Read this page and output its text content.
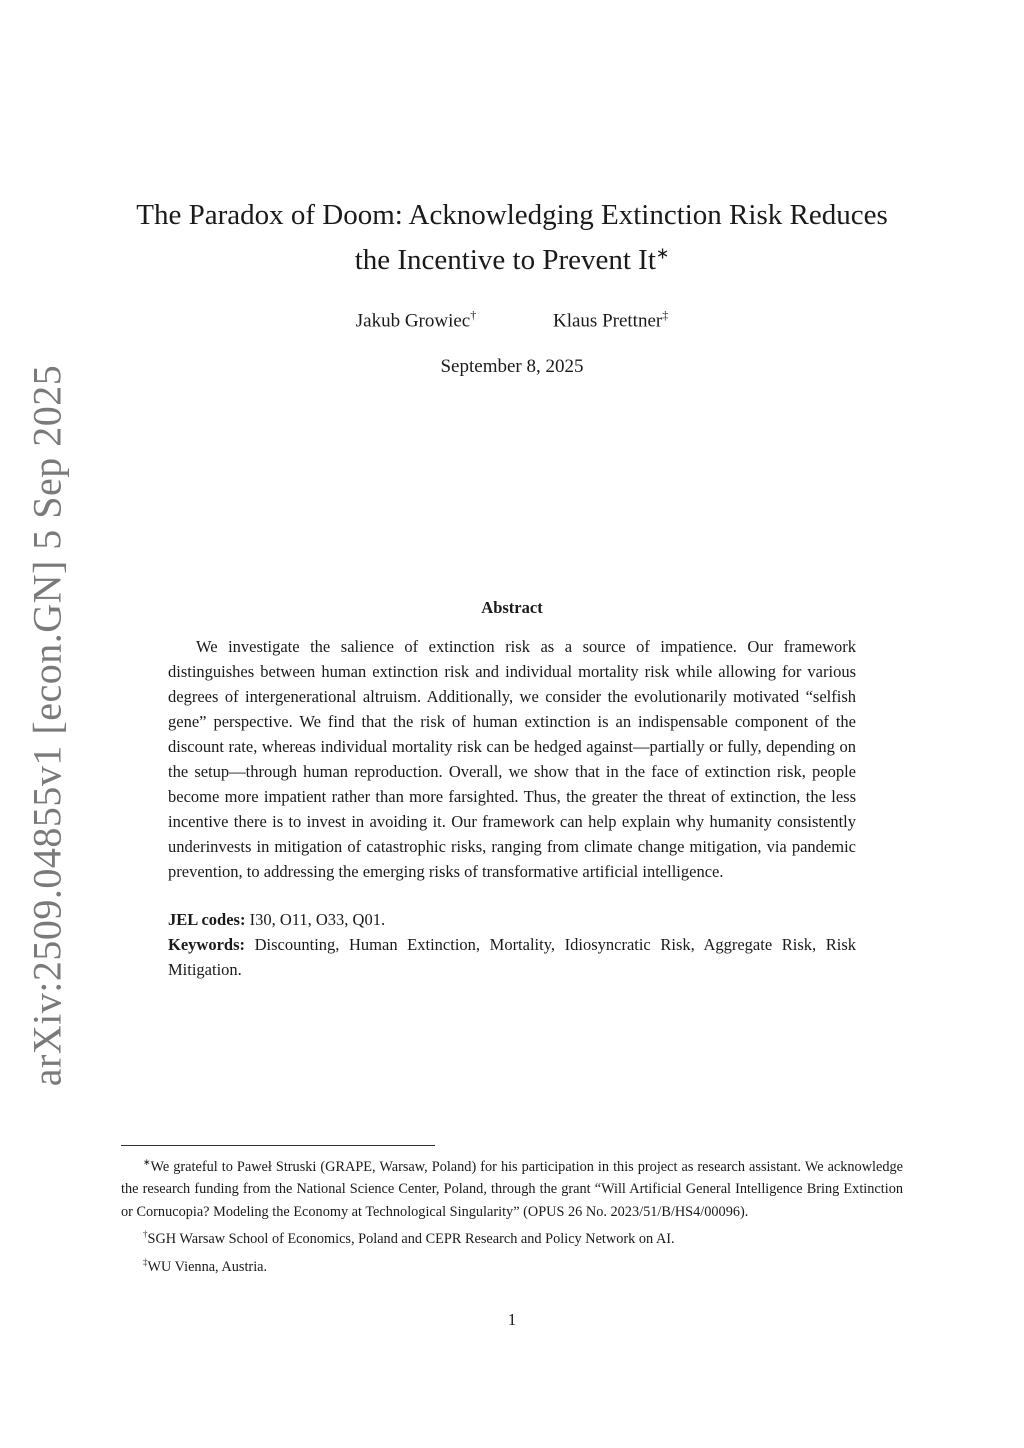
arXiv:2509.04855v1 [econ.GN] 5 Sep 2025
The Paradox of Doom: Acknowledging Extinction Risk Reduces
the Incentive to Prevent It∗
Jakub Growiec†	Klaus Prettner‡
September 8, 2025
Abstract

We investigate the salience of extinction risk as a source of impatience. Our framework distinguishes between human extinction risk and individual mortality risk while allowing for various degrees of intergenerational altruism. Additionally, we consider the evolutionarily motivated “selfish gene” perspective. We find that the risk of human extinction is an indispensable component of the discount rate, whereas individual mortality risk can be hedged against—partially or fully, depending on the setup—through human reproduction. Overall, we show that in the face of extinction risk, people become more impatient rather than more farsighted. Thus, the greater the threat of extinction, the less incentive there is to invest in avoiding it. Our framework can help explain why humanity consistently underinvests in mitigation of catastrophic risks, ranging from climate change mitigation, via pandemic prevention, to addressing the emerging risks of transformative artificial intelligence.

JEL codes: I30, O11, O33, Q01.

Keywords: Discounting, Human Extinction, Mortality, Idiosyncratic Risk, Aggregate Risk, Risk Mitigation.

∗We grateful to Paweł Struski (GRAPE, Warsaw, Poland) for his participation in this project as research assistant. We acknowledge the research funding from the National Science Center, Poland, through the grant “Will Artificial General Intelligence Bring Extinction or Cornucopia? Modeling the Economy at Technological Singularity” (OPUS 26 No. 2023/51/B/HS4/00096).

†SGH Warsaw School of Economics, Poland and CEPR Research and Policy Network on AI.

‡WU Vienna, Austria.

1
